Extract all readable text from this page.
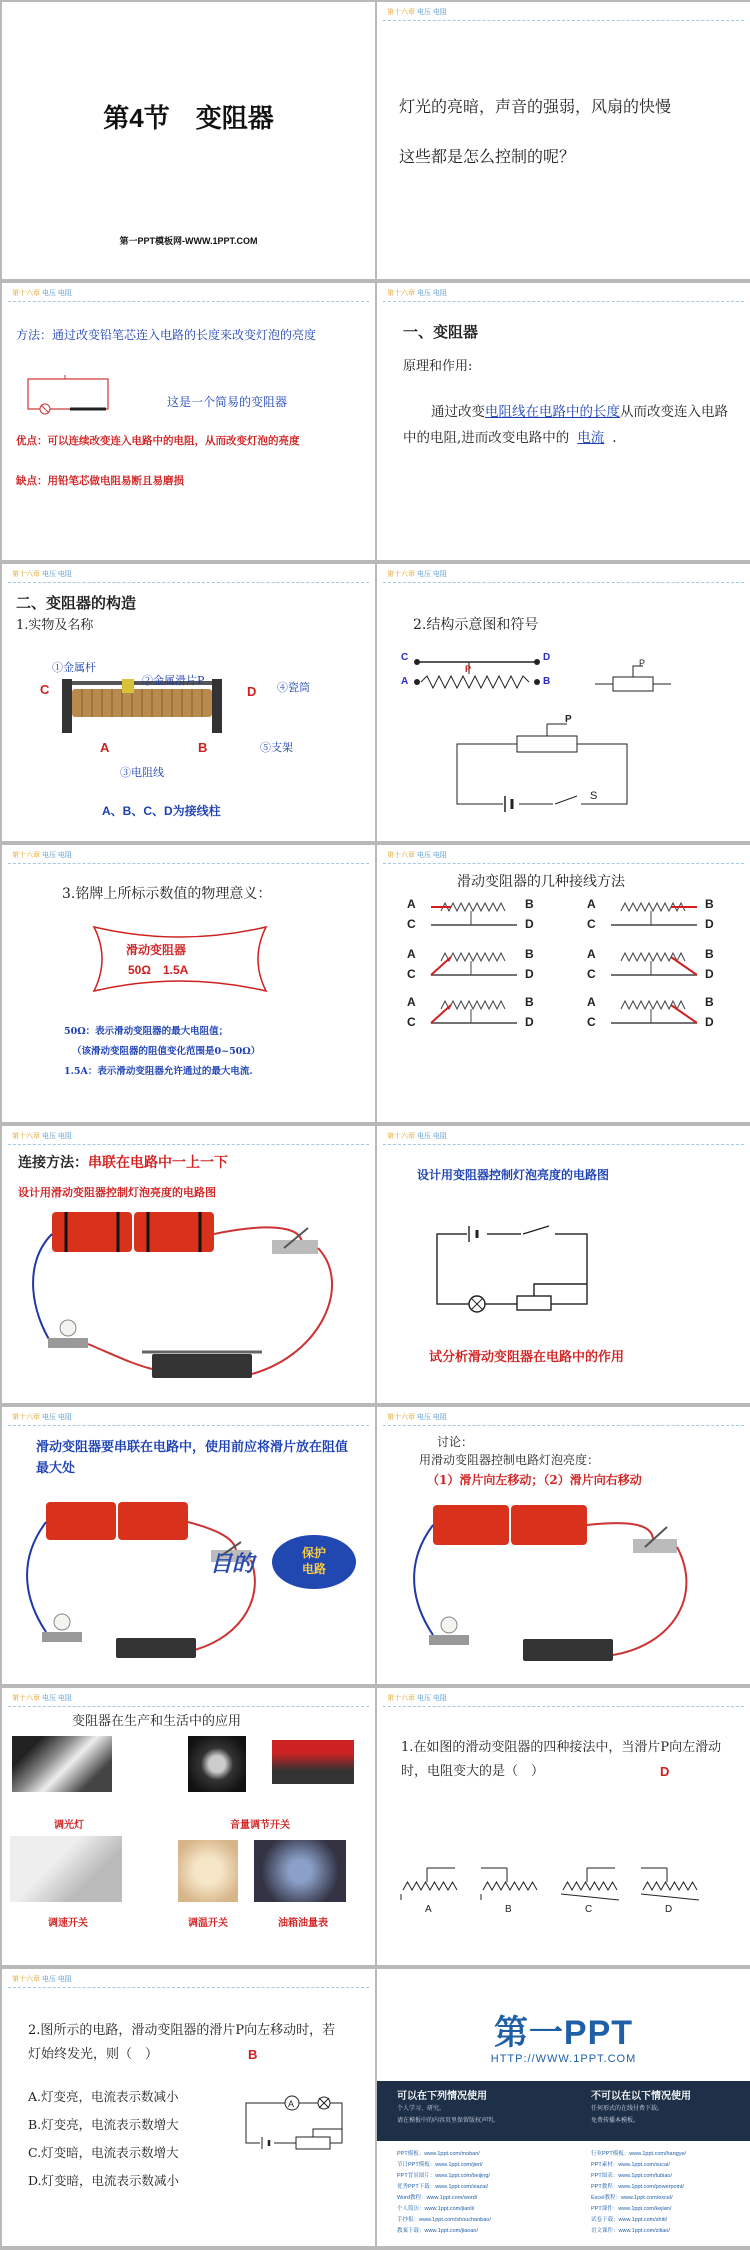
第4节　变阻器
第一PPT模板网-WWW.1PPT.COM
第十六章 电压 电阻
灯光的亮暗，声音的强弱，风扇的快慢
这些都是怎么控制的呢？
第十六章 电压 电阻
方法：通过改变铅笔芯连入电路的长度来改变灯泡的亮度
这是一个简易的变阻器
优点：可以连续改变连入电路中的电阻，从而改变灯泡的亮度
缺点：用铅笔芯做电阻易断且易磨损
第十六章 电压 电阻
一、变阻器
原理和作用:
通过改变电阻线在电路中的长度从而改变连入电路中的电阻,进而改变电路中的 电流 .
第十六章 电压 电阻
二、变阻器的构造
1.实物及名称
C	D
A	B
①金属杆
②金属滑片P
④瓷筒
⑤支架
③电阻线
A、B、C、D为接线柱
第十六章 电压 电阻
2.结构示意图和符号
C	D
A	B
P
P
P
S
第十六章 电压 电阻
3.铭牌上所标示数值的物理意义：
滑动变阻器
50Ω　1.5A
50Ω：表示滑动变阻器的最大电阻值；
（该滑动变阻器的阻值变化范围是0~50Ω）
1.5A：表示滑动变阻器允许通过的最大电流.
第十六章 电压 电阻
滑动变阻器的几种接线方法
A	B
C	D
A	B
C	D
A	B
C	D
A	B
C	D
A	B
C	D
A	B
C	D
第十六章 电压 电阻
连接方法：串联在电路中一上一下
设计用滑动变阻器控制灯泡亮度的电路图
第十六章 电压 电阻
设计用变阻器控制灯泡亮度的电路图
试分析滑动变阻器在电路中的作用
第十六章 电压 电阻
滑动变阻器要串联在电路中，使用前应将滑片放在阻值最大处
目的	保护
电路
第十六章 电压 电阻
讨论：
用滑动变阻器控制电路灯泡亮度：
（1）滑片向左移动；（2）滑片向右移动
第十六章 电压 电阻
变阻器在生产和生活中的应用
调光灯	音量调节开关
调速开关	调温开关	油箱油量表
第十六章 电压 电阻
1.在如图的滑动变阻器的四种接法中，当滑片P向左滑动时，电阻变大的是（　）	D
A	B	C	D
第十六章 电压 电阻
2.图所示的电路，滑动变阻器的滑片P向左移动时，若灯始终发光，则（　）	B
A.灯变亮，电流表示数减小
B.灯变亮，电流表示数增大
C.灯变暗，电流表示数增大
D.灯变暗，电流表示数减小
A
第一PPT
HTTP://WWW.1PPT.COM
可以在下列情况使用	不可以在以下情况使用
个人学习、研究。
请在模板中的内容页里保留版权声明。
任何形式的在线付费下载。
免费传播本模板。
PPT模板：www.1ppt.com/moban/
节日PPT模板：www.1ppt.com/jieri/
PPT背景图片：www.1ppt.com/beijing/
优秀PPT下载：www.1ppt.com/xiazai/
Word教程：www.1ppt.com/word/
个人简历：www.1ppt.com/jianli/
手抄报：www.1ppt.com/shouchaobao/
教案下载：www.1ppt.com/jiaoan/
行业PPT模板：www.1ppt.com/hangye/
PPT素材：www.1ppt.com/sucai/
PPT图表：www.1ppt.com/tubiao/
PPT教程：www.1ppt.com/powerpoint/
Excel教程：www.1ppt.com/excel/
PPT课件：www.1ppt.com/kejian/
试卷下载：www.1ppt.com/shiti/
语文课件：www.1ppt.com/ziliao/
